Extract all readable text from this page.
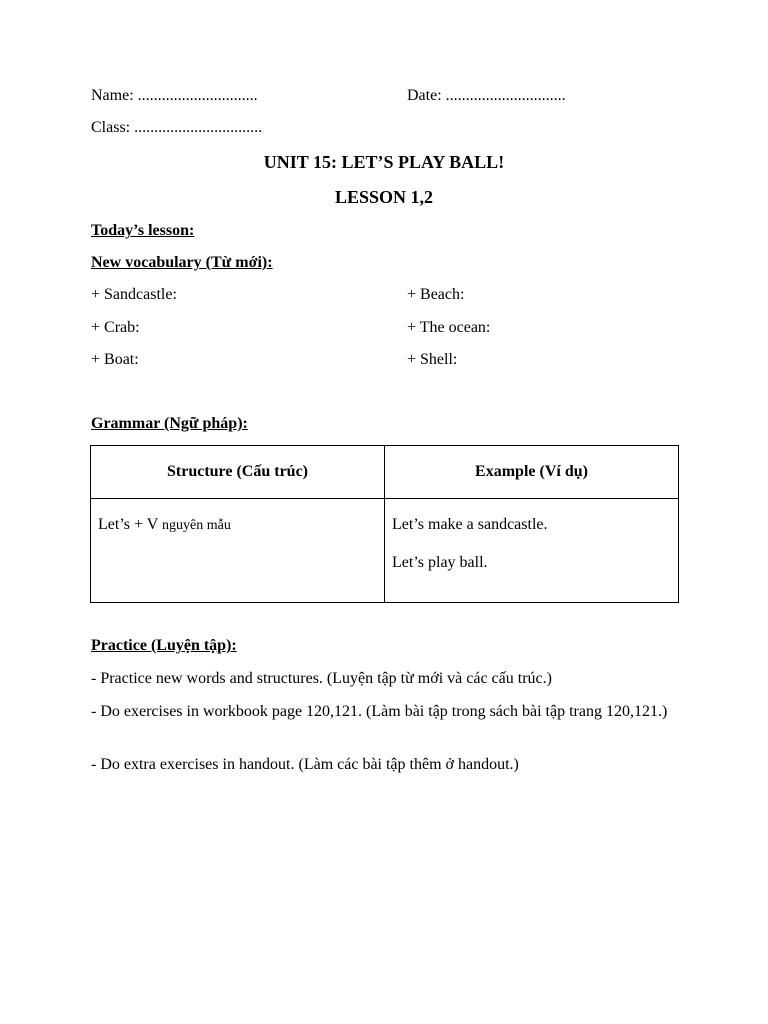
Name: ..............................	Date: ..............................
Class: ................................
UNIT 15: LET’S PLAY BALL!
LESSON 1,2
Today’s lesson:
New vocabulary (Từ mới):
+ Sandcastle:	+ Beach:
+ Crab:	+ The ocean:
+ Boat:	+ Shell:
Grammar (Ngữ pháp):
Structure (Cấu trúc)	Example (Ví dụ)

Let’s + V nguyên mẫu	Let’s make a sandcastle.
Let’s play ball.
Practice (Luyện tập):
- Practice new words and structures. (Luyện tập từ mới và các cấu trúc.)
- Do exercises in workbook page 120,121. (Làm bài tập trong sách bài tập trang 120,121.)
- Do extra exercises in handout. (Làm các bài tập thêm ở handout.)
